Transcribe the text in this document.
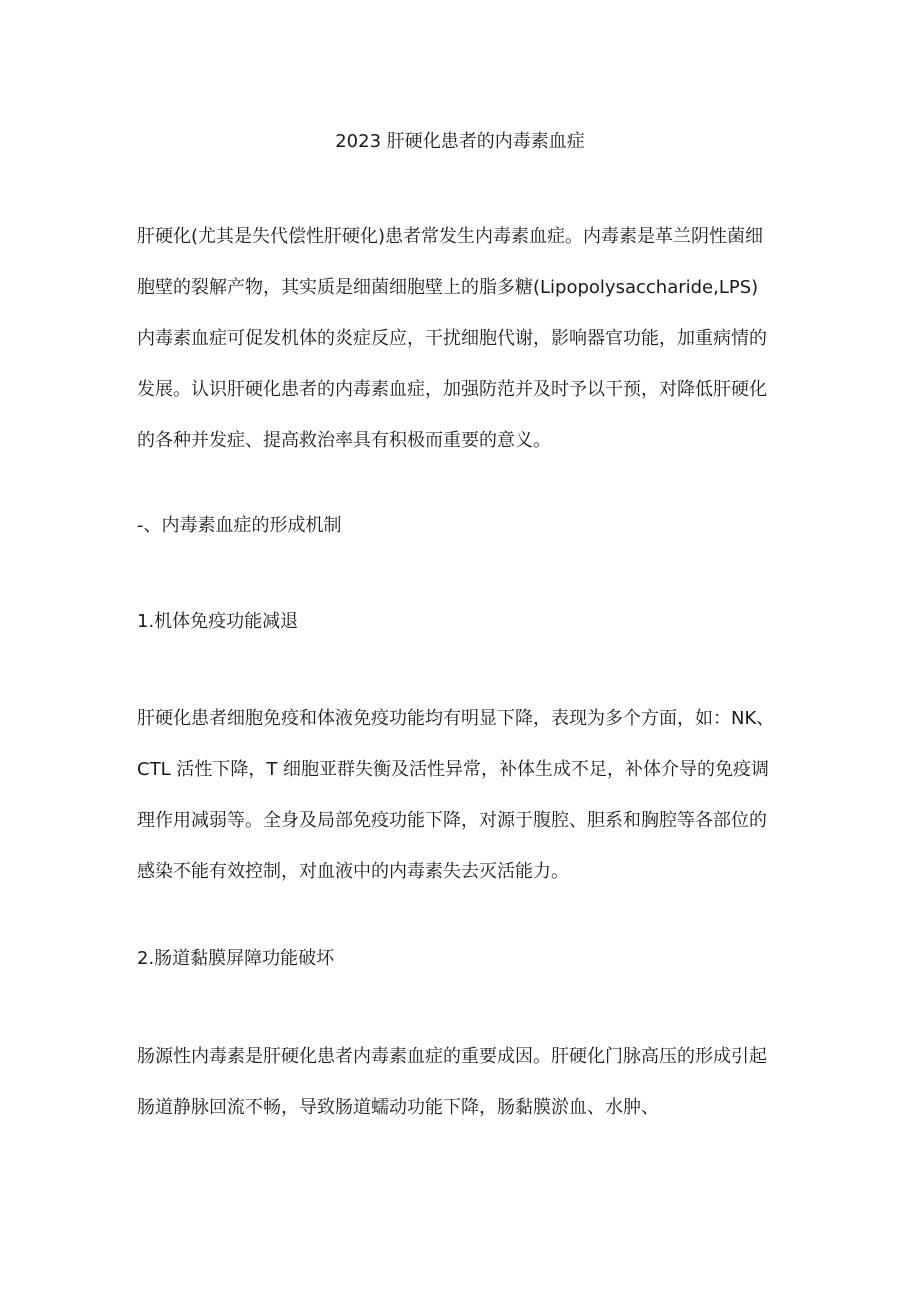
2023 肝硬化患者的内毒素血症
肝硬化(尤其是失代偿性肝硬化)患者常发生内毒素血症。内毒素是革兰阴性菌细
胞壁的裂解产物，其实质是细菌细胞壁上的脂多糖(Lipopolysaccharide,LPS)
内毒素血症可促发机体的炎症反应，干扰细胞代谢，影响器官功能，加重病情的
发展。认识肝硬化患者的内毒素血症，加强防范并及时予以干预，对降低肝硬化
的各种并发症、提高救治率具有积极而重要的意义。
-、内毒素血症的形成机制
1.机体免疫功能减退
肝硬化患者细胞免疫和体液免疫功能均有明显下降，表现为多个方面，如：NK、
CTL 活性下降，T 细胞亚群失衡及活性异常，补体生成不足，补体介导的免疫调
理作用减弱等。全身及局部免疫功能下降，对源于腹腔、胆系和胸腔等各部位的
感染不能有效控制，对血液中的内毒素失去灭活能力。
2.肠道黏膜屏障功能破坏
肠源性内毒素是肝硬化患者内毒素血症的重要成因。肝硬化门脉高压的形成引起
肠道静脉回流不畅，导致肠道蠕动功能下降，肠黏膜淤血、水肿、
